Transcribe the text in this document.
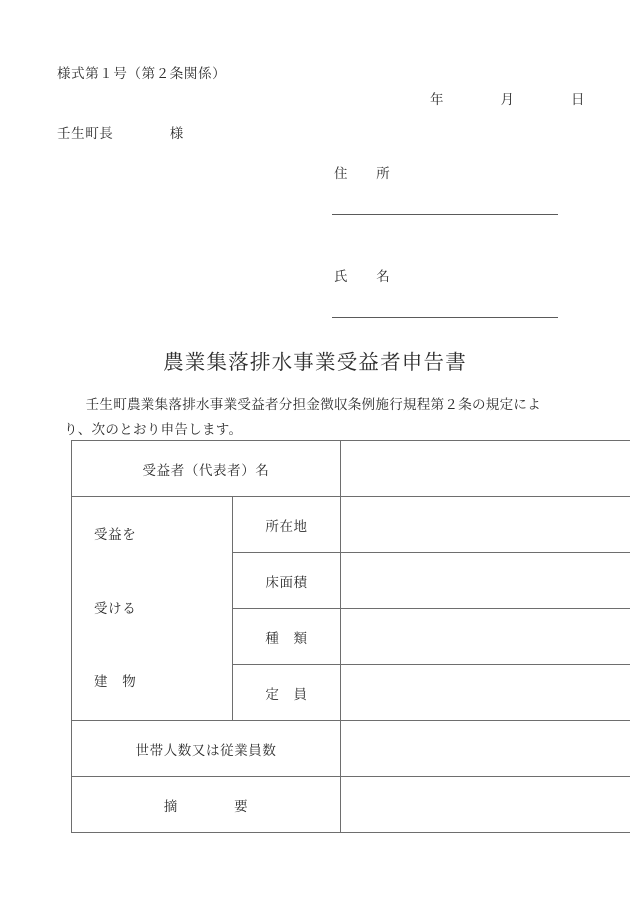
様式第１号（第２条関係）
年　　　　月　　　　日
壬生町長　　　　様
住　　所
氏　　名
農業集落排水事業受益者申告書
壬生町農業集落排水事業受益者分担金徴収条例施行規程第２条の規定により、次のとおり申告します。
受益者（代表者）名		

受益を
受ける
建　物	所在地	
	床面積	
	種　類	
	定　員	
世帯人数又は従業員数		
摘　　　　要		
